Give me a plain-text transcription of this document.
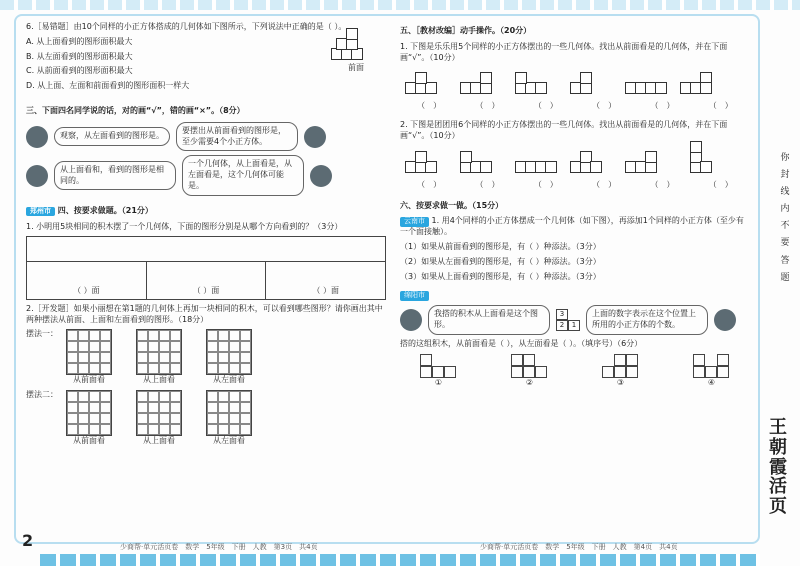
6.［易错题］由10个同样的小正方体搭成的几何体如下图所示，下列说法中正确的是（ ）。

A. 从上面看到的图形面积最大

B. 从左面看到的图形面积最大

C. 从前面看到的图形面积最大

D. 从上面、左面和前面看到的图形面积一样大

前面

三、下面四名同学说的话，对的画“√”，错的画“×”。（8分）

观察，从左面看到的图形是。
要摆出从前面看到的图形是，至少需要4个小正方体。
从上面看和，看到的图形是相同的。
一个几何体，从上面看是，从左面看是，这个几何体可能是。

郑州市 四、按要求做题。（21分）

1. 小明用5块相同的积木摆了一个几何体，下面的图形分别是从哪个方向看到的？（3分）

（ ）面	（ ）面	（ ）面

2.［开发题］如果小丽想在第1题的几何体上再加一块相同的积木，可以看到哪些图形？请你画出其中两种摆法从前面、上面和左面看到的图形。（18分）

摆法一：
从前面看	从上面看	从左面看
摆法二：
从前面看	从上面看	从左面看

五、［教材改编］动手操作。（20分）

1. 下图是乐乐用5个同样的小正方体摆出的一些几何体。找出从前面看是的几何体，并在下面画“√”。（10分）

（　）	（　）	（　）	（　）	（　）	（　）

2. 下图是团团用6个同样的小正方体摆出的一些几何体。找出从前面看是的几何体，并在下面画“√”。（10分）

（　）	（　）	（　）	（　）	（　）	（　）

六、按要求做一做。（15分）

云南市 1. 用4个同样的小正方体摆成一个几何体（如下图），再添加1个同样的小正方体（至少有一个面接触）。

（1）如果从前面看到的图形是，有（ ）种添法。（3分）

（2）如果从左面看到的图形是，有（ ）种添法。（3分）

（3）如果从上面看到的图形是，有（ ）种添法。（3分）

绵阳市

我搭的积木从上面看是这个图形。
3
2	1
上面的数字表示在这个位置上所用的小正方体的个数。

搭的这组积木，从前面看是（ ），从左面看是（ ）。（填序号）（6分）

①	②	③	④
你
封
线
内
不
要
答
题
王朝霞活页
2	少商帮·单元活页卷　数学　5年级　下册　人教　第3页　共4页	少商帮·单元活页卷　数学　5年级　下册　人教　第4页　共4页
